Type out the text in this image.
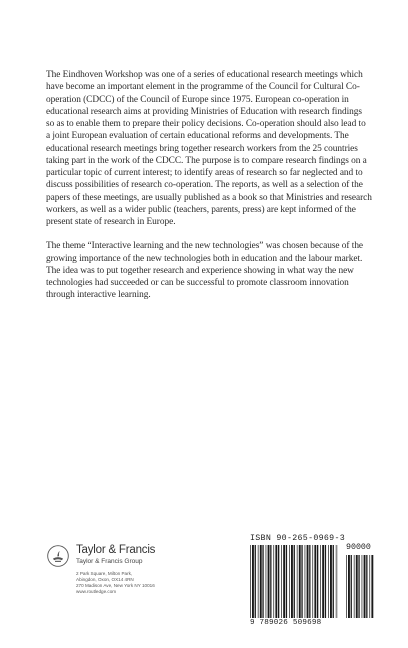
The Eindhoven Workshop was one of a series of educational research meetings which have become an important element in the programme of the Council for Cultural Co-operation (CDCC) of the Council of Europe since 1975. European co-operation in educational research aims at providing Ministries of Education with research findings so as to enable them to prepare their policy decisions. Co-operation should also lead to a joint European evaluation of certain educational reforms and developments. The educational research meetings bring together research workers from the 25 countries taking part in the work of the CDCC. The purpose is to compare research findings on a particular topic of current interest; to identify areas of research so far neglected and to discuss possibilities of research co-operation. The reports, as well as a selection of the papers of these meetings, are usually published as a book so that Ministries and research workers, as well as a wider public (teachers, parents, press) are kept informed of the present state of research in Europe.

The theme “Interactive learning and the new technologies” was chosen because of the growing importance of the new technologies both in education and the labour market. The idea was to put together research and experience showing in what way the new technologies had succeeded or can be successful to promote classroom innovation through interactive learning.

Taylor & Francis
Taylor & Francis Group
2 Park Square, Milton Park,
Abingdon, Oxon, OX14 4RN
270 Madison Ave, New York NY 10016
www.routledge.com
ISBN 90-265-0969-3
90000
9 789026 509698
